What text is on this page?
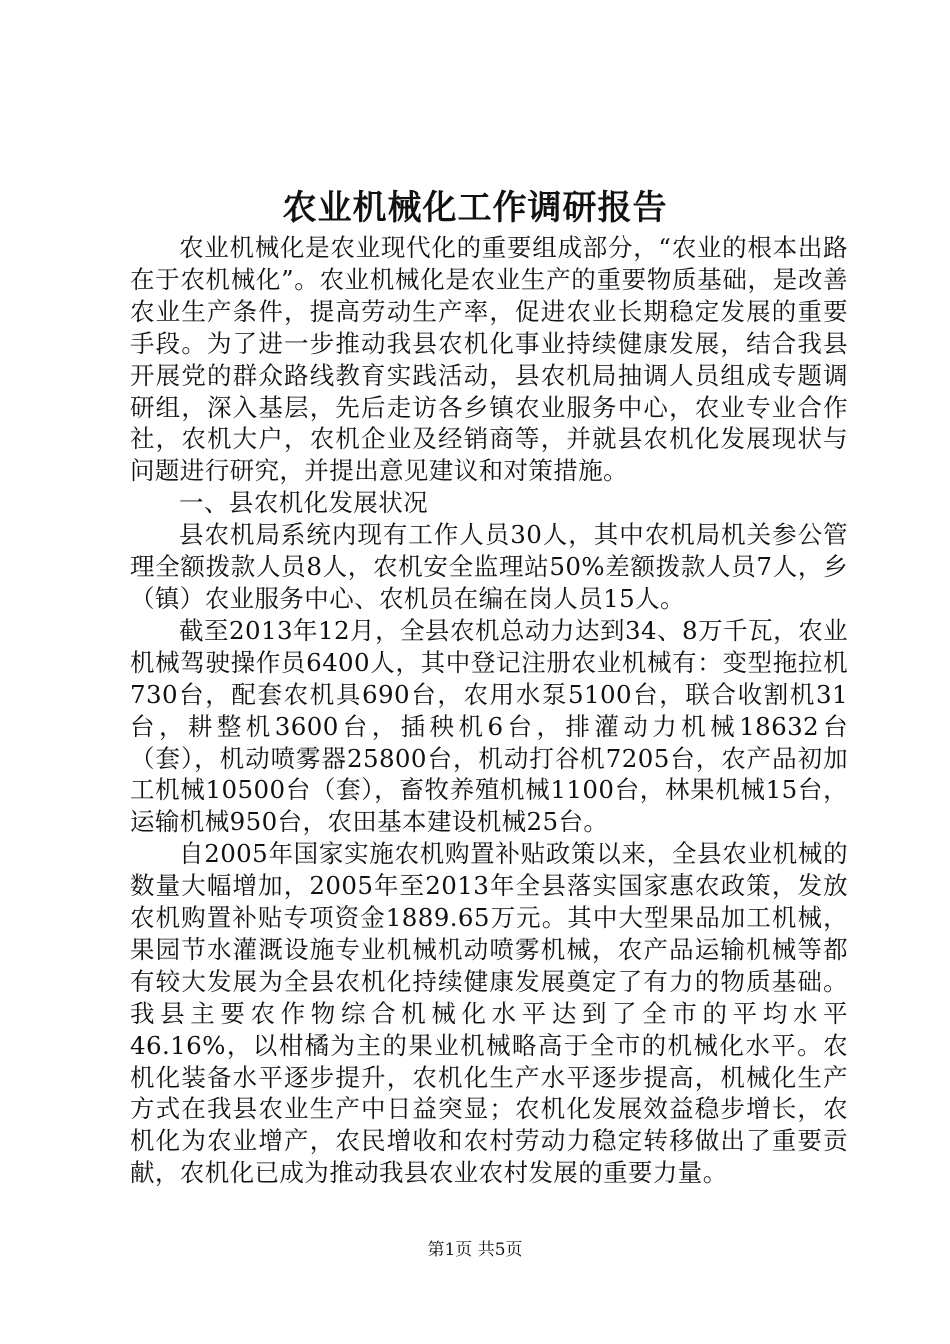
农业机械化工作调研报告

农业机械化是农业现代化的重要组成部分，“农业的根本出路在于农机械化”。农业机械化是农业生产的重要物质基础，是改善农业生产条件，提高劳动生产率，促进农业长期稳定发展的重要手段。为了进一步推动我县农机化事业持续健康发展，结合我县开展党的群众路线教育实践活动，县农机局抽调人员组成专题调研组，深入基层，先后走访各乡镇农业服务中心，农业专业合作社，农机大户，农机企业及经销商等，并就县农机化发展现状与问题进行研究，并提出意见建议和对策措施。

一、县农机化发展状况

县农机局系统内现有工作人员30人，其中农机局机关参公管理全额拨款人员8人，农机安全监理站50%差额拨款人员7人，乡（镇）农业服务中心、农机员在编在岗人员15人。

截至2013年12月，全县农机总动力达到34、8万千瓦，农业机械驾驶操作员6400人，其中登记注册农业机械有：变型拖拉机730台，配套农机具690台，农用水泵5100台，联合收割机31台，耕整机3600台，插秧机6台，排灌动力机械18632台（套），机动喷雾器25800台，机动打谷机7205台，农产品初加工机械10500台（套），畜牧养殖机械1100台，林果机械15台，运输机械950台，农田基本建设机械25台。

自2005年国家实施农机购置补贴政策以来，全县农业机械的数量大幅增加，2005年至2013年全县落实国家惠农政策，发放农机购置补贴专项资金1889.65万元。其中大型果品加工机械，果园节水灌溉设施专业机械机动喷雾机械，农产品运输机械等都有较大发展为全县农机化持续健康发展奠定了有力的物质基础。我县主要农作物综合机械化水平达到了全市的平均水平46.16%，以柑橘为主的果业机械略高于全市的机械化水平。农机化装备水平逐步提升，农机化生产水平逐步提高，机械化生产方式在我县农业生产中日益突显；农机化发展效益稳步增长，农机化为农业增产，农民增收和农村劳动力稳定转移做出了重要贡献，农机化已成为推动我县农业农村发展的重要力量。

第1页 共5页
